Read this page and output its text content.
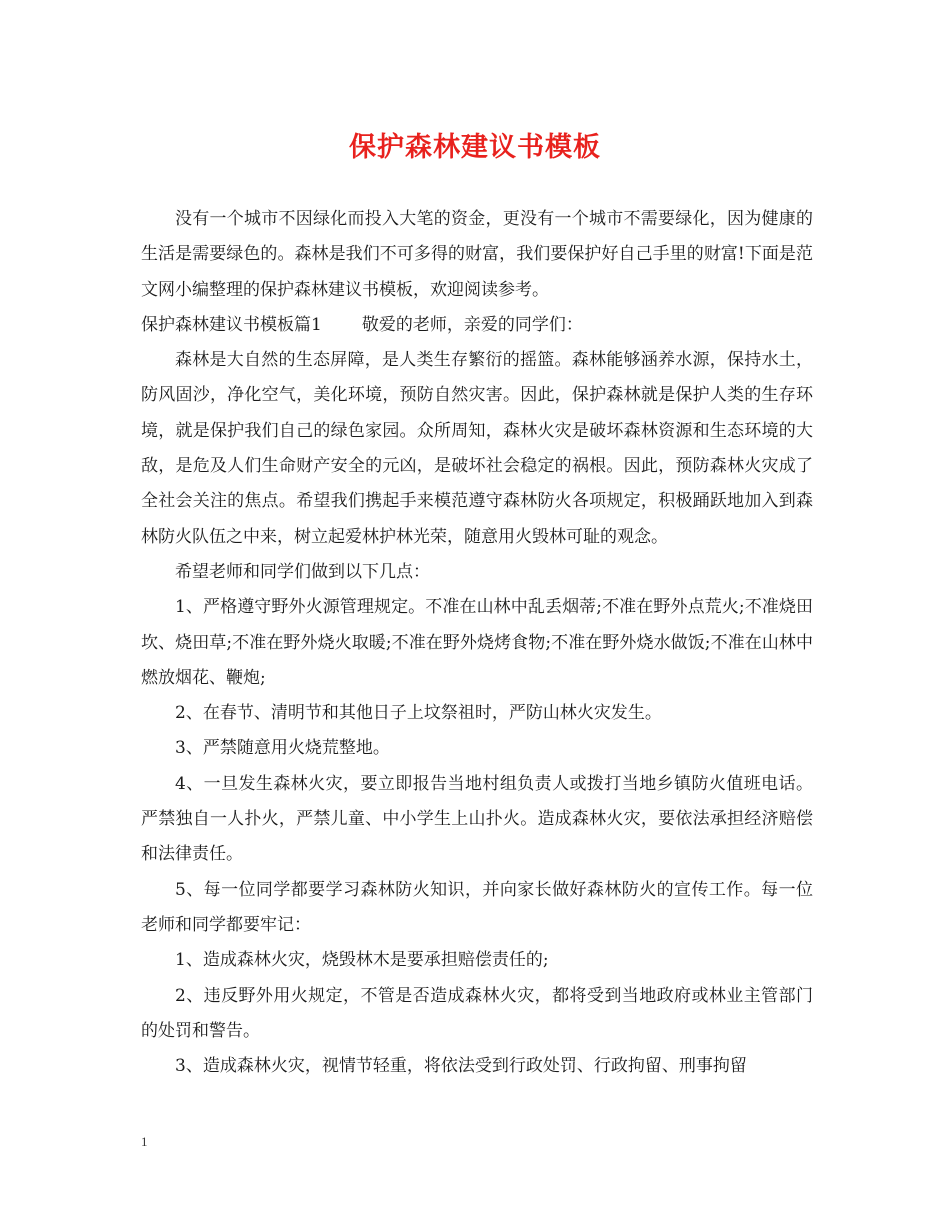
保护森林建议书模板

没有一个城市不因绿化而投入大笔的资金，更没有一个城市不需要绿化，因为健康的生活是需要绿色的。森林是我们不可多得的财富，我们要保护好自己手里的财富!下面是范文网小编整理的保护森林建议书模板，欢迎阅读参考。

保护森林建议书模板篇1 敬爱的老师，亲爱的同学们：

森林是大自然的生态屏障，是人类生存繁衍的摇篮。森林能够涵养水源，保持水土，防风固沙，净化空气，美化环境，预防自然灾害。因此，保护森林就是保护人类的生存环境，就是保护我们自己的绿色家园。众所周知，森林火灾是破坏森林资源和生态环境的大敌，是危及人们生命财产安全的元凶，是破坏社会稳定的祸根。因此，预防森林火灾成了全社会关注的焦点。希望我们携起手来模范遵守森林防火各项规定，积极踊跃地加入到森林防火队伍之中来，树立起爱林护林光荣，随意用火毁林可耻的观念。

希望老师和同学们做到以下几点：

1、严格遵守野外火源管理规定。不准在山林中乱丢烟蒂;不准在野外点荒火;不准烧田坎、烧田草;不准在野外烧火取暖;不准在野外烧烤食物;不准在野外烧水做饭;不准在山林中燃放烟花、鞭炮;

2、在春节、清明节和其他日子上坟祭祖时，严防山林火灾发生。

3、严禁随意用火烧荒整地。

4、一旦发生森林火灾，要立即报告当地村组负责人或拨打当地乡镇防火值班电话。严禁独自一人扑火，严禁儿童、中小学生上山扑火。造成森林火灾，要依法承担经济赔偿和法律责任。

5、每一位同学都要学习森林防火知识，并向家长做好森林防火的宣传工作。每一位老师和同学都要牢记：

1、造成森林火灾，烧毁林木是要承担赔偿责任的;

2、违反野外用火规定，不管是否造成森林火灾，都将受到当地政府或林业主管部门的处罚和警告。

3、造成森林火灾，视情节轻重，将依法受到行政处罚、行政拘留、刑事拘留

1
